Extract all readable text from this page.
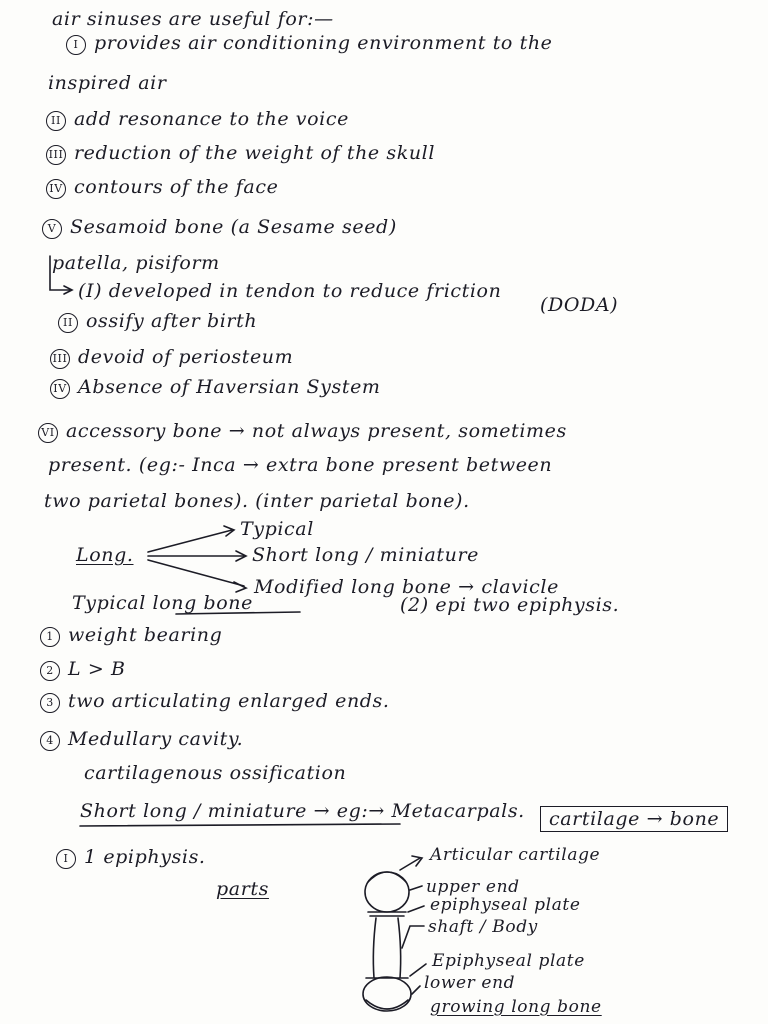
air sinuses are useful for:—
I provides air conditioning environment to the
inspired air
II add resonance to the voice
III reduction of the weight of the skull
IV contours of the face
V Sesamoid bone (a Sesame seed)
patella, pisiform
(I) developed in tendon to reduce friction
II ossify after birth
(DODA)
III devoid of periosteum
IV Absence of Haversian System
VI accessory bone → not always present, sometimes
present. (eg:- Inca → extra bone present between
two parietal bones). (inter parietal bone).
Long.
Typical
Short long / miniature
Modified long bone → clavicle
Typical long bone	(2) epi two epiphysis.
1 weight bearing
2 L > B
3 two articulating enlarged ends.
4 Medullary cavity.
cartilagenous ossification
Short long / miniature → eg:→ Metacarpals.	cartilage → bone
I 1 epiphysis.
parts
Articular cartilage
upper end
epiphyseal plate
shaft / Body
Epiphyseal plate
lower end
growing long bone
